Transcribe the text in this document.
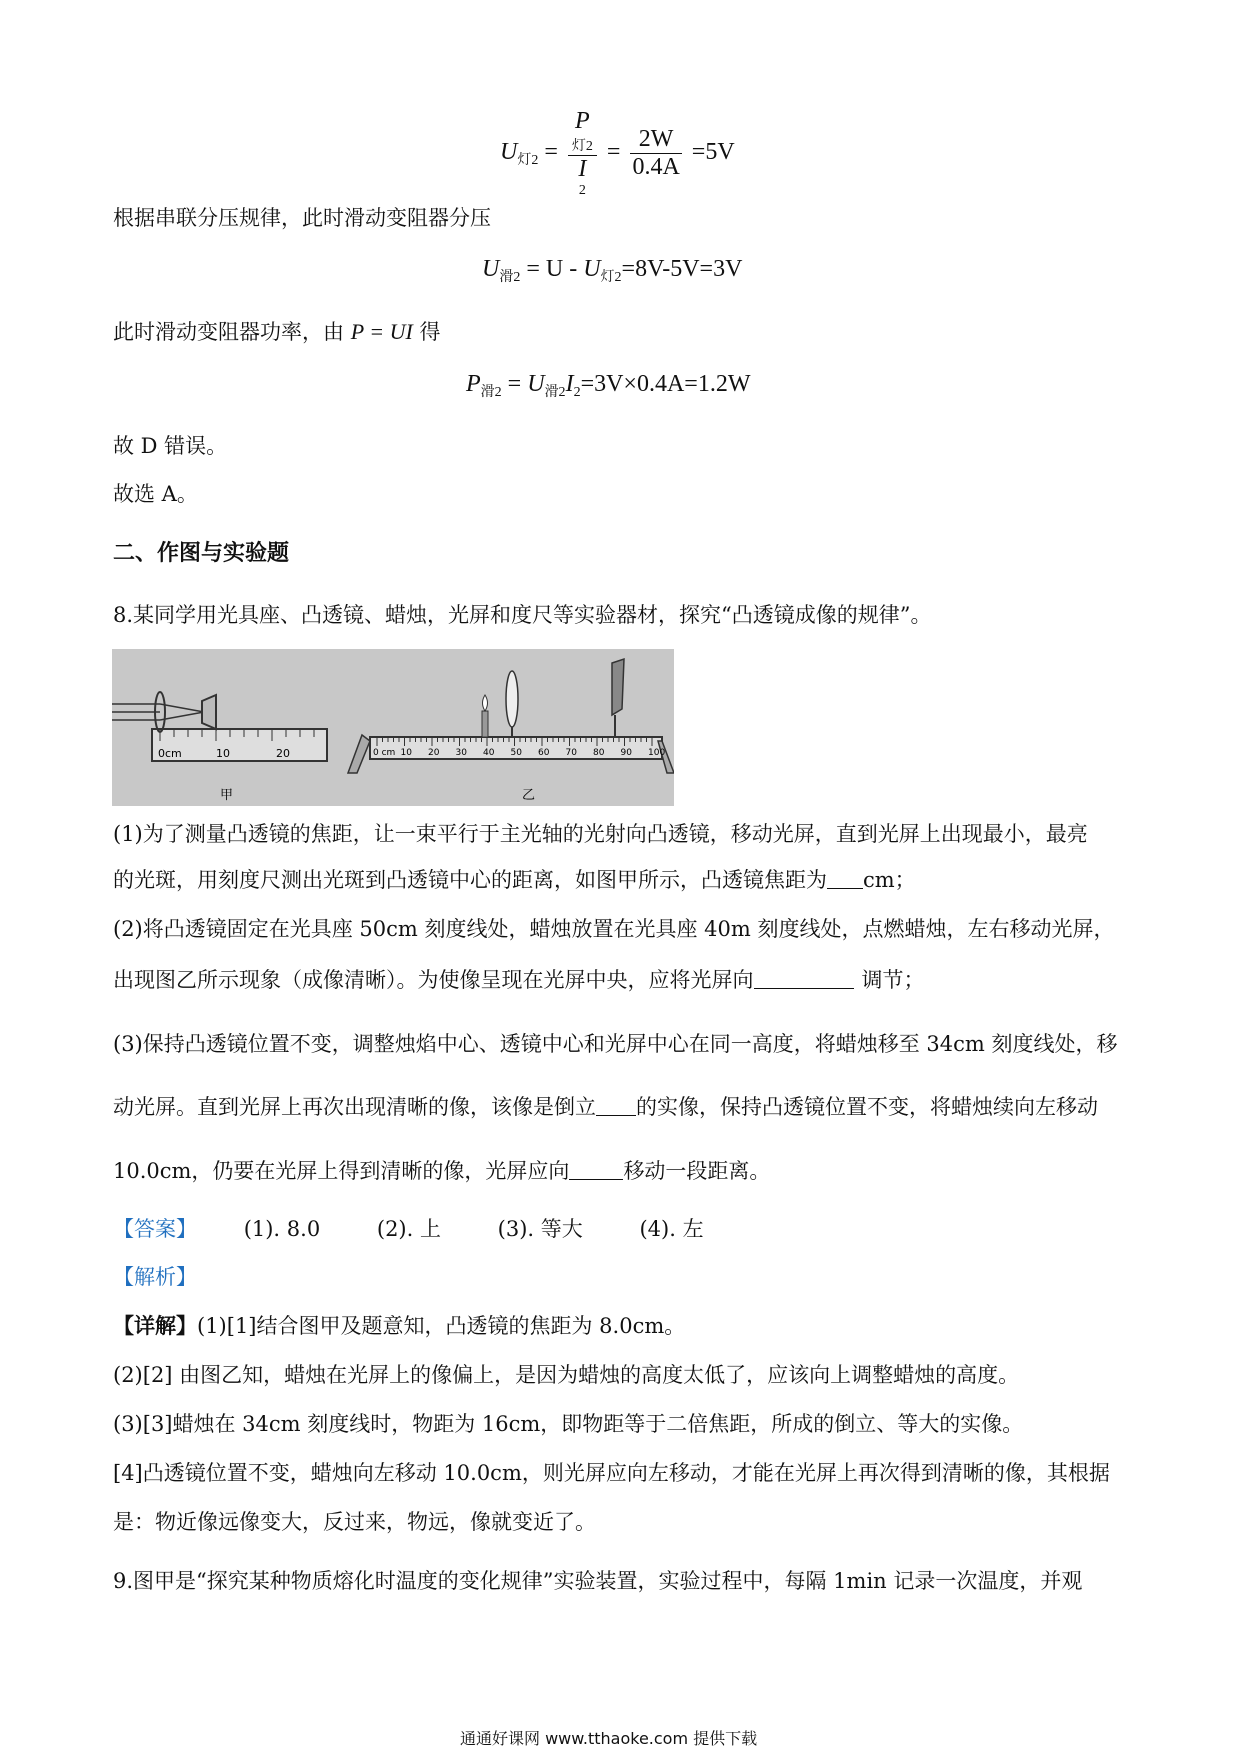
$U_{灯2} = P$
灯2
I
$2 = \frac{2W}{0.4A} =5V$
根据串联分压规律，此时滑动变阻器分压
$U_{滑2} = U - U_{灯2}=8V-5V=3V$
此时滑动变阻器功率，由 P = UI 得
$P_{滑2} = U_{滑2}I_2=3V\times 0.4A=1.2W$
故 D 错误。
故选 A。
二、作图与实验题
8.某同学用光具座、凸透镜、蜡烛，光屏和度尺等实验器材，探究“凸透镜成像的规律”。
0cm	10	20
甲
0 cm 10 20 30 40 50 60 70 80 90 100
乙
(1)为了测量凸透镜的焦距，让一束平行于主光轴的光射向凸透镜，移动光屏，直到光屏上出现最小，最亮
的光斑，用刻度尺测出光斑到凸透镜中心的距离，如图甲所示，凸透镜焦距为 cm；
(2)将凸透镜固定在光具座 50cm 刻度线处，蜡烛放置在光具座 40m 刻度线处，点燃蜡烛，左右移动光屏，
出现图乙所示现象（成像清晰）。为使像呈现在光屏中央，应将光屏向	调节；
(3)保持凸透镜位置不变，调整烛焰中心、透镜中心和光屏中心在同一高度，将蜡烛移至 34cm 刻度线处，移
动光屏。直到光屏上再次出现清晰的像，该像是倒立 的实像，保持凸透镜位置不变，将蜡烛续向左移动
10.0cm，仍要在光屏上得到清晰的像，光屏应向	移动一段距离。
【答案】 (1). 8.0	(2). 上	(3). 等大	(4). 左
【解析】
【详解】(1)[1]结合图甲及题意知，凸透镜的焦距为 8.0cm。
(2)[2] 由图乙知，蜡烛在光屏上的像偏上，是因为蜡烛的高度太低了，应该向上调整蜡烛的高度。
(3)[3]蜡烛在 34cm 刻度线时，物距为 16cm，即物距等于二倍焦距，所成的倒立、等大的实像。
[4]凸透镜位置不变，蜡烛向左移动 10.0cm，则光屏应向左移动，才能在光屏上再次得到清晰的像，其根据
是：物近像远像变大，反过来，物远，像就变近了。
9.图甲是“探究某种物质熔化时温度的变化规律”实验装置，实验过程中，每隔 1min 记录一次温度，并观
通通好课网 www.tthaoke.com 提供下载
